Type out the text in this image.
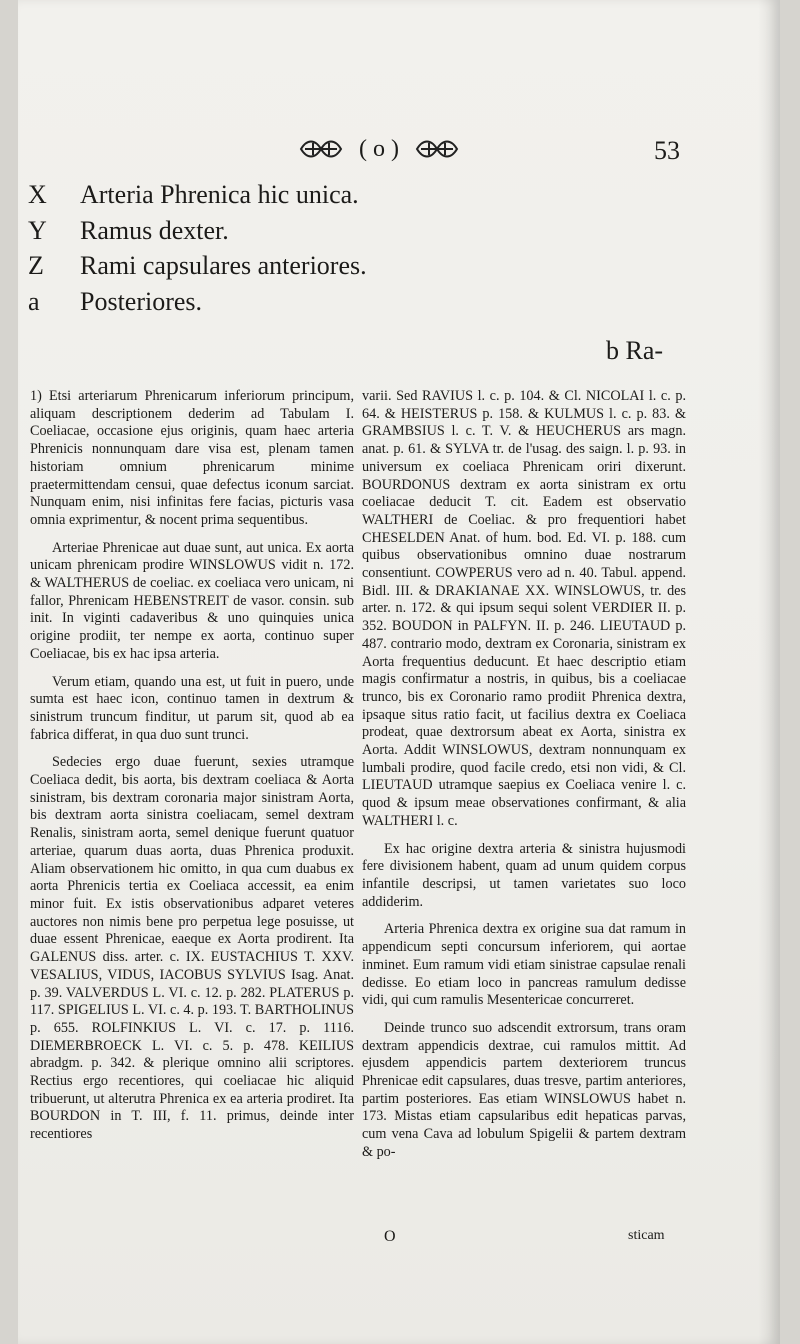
( o )	53
X	Arteria Phrenica hic unica.
Y	Ramus dexter.
Z	Rami capsulares anteriores.
a	Posteriores.
b Ra-

1) Etsi arteriarum Phrenicarum inferiorum principum, aliquam descriptionem dederim ad Tabulam I. Coeliacae, occasione ejus originis, quam haec arteria Phrenicis nonnunquam dare visa est, plenam tamen historiam omnium phrenicarum minime praetermittendam censui, quae defectus iconum sarciat. Nunquam enim, nisi infinitas fere facias, picturis vasa omnia exprimentur, & nocent prima sequentibus.

Arteriae Phrenicae aut duae sunt, aut unica. Ex aorta unicam phrenicam prodire WINSLOWUS vidit n. 172. & WALTHERUS de coeliac. ex coeliaca vero unicam, ni fallor, Phrenicam HEBENSTREIT de vasor. consin. sub init. In viginti cadaveribus & uno quinquies unica origine prodiit, ter nempe ex aorta, continuo super Coeliacae, bis ex hac ipsa arteria.

Verum etiam, quando una est, ut fuit in puero, unde sumta est haec icon, continuo tamen in dextrum & sinistrum truncum finditur, ut parum sit, quod ab ea fabrica differat, in qua duo sunt trunci.

Sedecies ergo duae fuerunt, sexies utramque Coeliaca dedit, bis aorta, bis dextram coeliaca & Aorta sinistram, bis dextram coronaria major sinistram Aorta, bis dextram aorta sinistra coeliacam, semel dextram Renalis, sinistram aorta, semel denique fuerunt quatuor arteriae, quarum duas aorta, duas Phrenica produxit. Aliam observationem hic omitto, in qua cum duabus ex aorta Phrenicis tertia ex Coeliaca accessit, ea enim minor fuit. Ex istis observationibus adparet veteres auctores non nimis bene pro perpetua lege posuisse, ut duae essent Phrenicae, eaeque ex Aorta prodirent. Ita GALENUS diss. arter. c. IX. EUSTACHIUS T. XXV. VESALIUS, VIDUS, IACOBUS SYLVIUS Isag. Anat. p. 39. VALVERDUS L. VI. c. 12. p. 282. PLATERUS p. 117. SPIGELIUS L. VI. c. 4. p. 193. T. BARTHOLINUS p. 655. ROLFINKIUS L. VI. c. 17. p. 1116. DIEMERBROECK L. VI. c. 5. p. 478. KEILIUS abradgm. p. 342. & plerique omnino alii scriptores. Rectius ergo recentiores, qui coeliacae hic aliquid tribuerunt, ut alterutra Phrenica ex ea arteria prodiret. Ita BOURDON in T. III, f. 11. primus, deinde inter recentiores

varii. Sed RAVIUS l. c. p. 104. & Cl. NICOLAI l. c. p. 64. & HEISTERUS p. 158. & KULMUS l. c. p. 83. & GRAMBSIUS l. c. T. V. & HEUCHERUS ars magn. anat. p. 61. & SYLVA tr. de l'usag. des saign. l. p. 93. in universum ex coeliaca Phrenicam oriri dixerunt. BOURDONUS dextram ex aorta sinistram ex ortu coeliacae deducit T. cit. Eadem est observatio WALTHERI de Coeliac. & pro frequentiori habet CHESELDEN Anat. of hum. bod. Ed. VI. p. 188. cum quibus observationibus omnino duae nostrarum consentiunt. COWPERUS vero ad n. 40. Tabul. append. Bidl. III. & DRAKIANAE XX. WINSLOWUS, tr. des arter. n. 172. & qui ipsum sequi solent VERDIER II. p. 352. BOUDON in PALFYN. II. p. 246. LIEUTAUD p. 487. contrario modo, dextram ex Coronaria, sinistram ex Aorta frequentius deducunt. Et haec descriptio etiam magis confirmatur a nostris, in quibus, bis a coeliacae trunco, bis ex Coronario ramo prodiit Phrenica dextra, ipsaque situs ratio facit, ut facilius dextra ex Coeliaca prodeat, quae dextrorsum abeat ex Aorta, sinistra ex Aorta. Addit WINSLOWUS, dextram nonnunquam ex lumbali prodire, quod facile credo, etsi non vidi, & Cl. LIEUTAUD utramque saepius ex Coeliaca venire l. c. quod & ipsum meae observationes confirmant, & alia WALTHERI l. c.

Ex hac origine dextra arteria & sinistra hujusmodi fere divisionem habent, quam ad unum quidem corpus infantile descripsi, ut tamen varietates suo loco addiderim.

Arteria Phrenica dextra ex origine sua dat ramum in appendicum septi concursum inferiorem, qui aortae inminet. Eum ramum vidi etiam sinistrae capsulae renali dedisse. Eo etiam loco in pancreas ramulum dedisse vidi, qui cum ramulis Mesentericae concurreret.

Deinde trunco suo adscendit extrorsum, trans oram dextram appendicis dextrae, cui ramulos mittit. Ad ejusdem appendicis partem dexteriorem truncus Phrenicae edit capsulares, duas tresve, partim anteriores, partim posteriores. Eas etiam WINSLOWUS habet n. 173. Mistas etiam capsularibus edit hepaticas parvas, cum vena Cava ad lobulum Spigelii & partem dextram & po-

O	sticam
